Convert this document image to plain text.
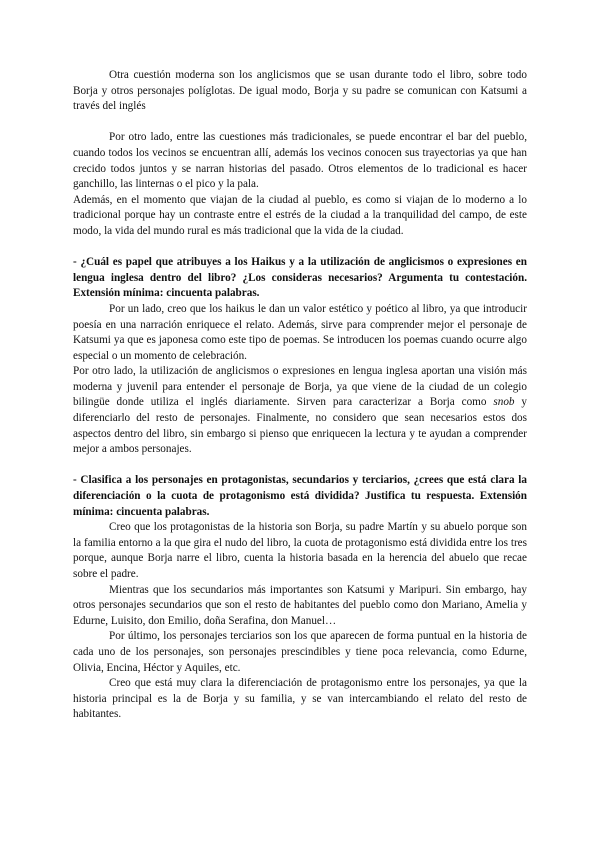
Otra cuestión moderna son los anglicismos que se usan durante todo el libro, sobre todo Borja y otros personajes políglotas. De igual modo, Borja y su padre se comunican con Katsumi a través del inglés

Por otro lado, entre las cuestiones más tradicionales, se puede encontrar el bar del pueblo, cuando todos los vecinos se encuentran allí, además los vecinos conocen sus trayectorias ya que han crecido todos juntos y se narran historias del pasado. Otros elementos de lo tradicional es hacer ganchillo, las linternas o el pico y la pala.

Además, en el momento que viajan de la ciudad al pueblo, es como si viajan de lo moderno a lo tradicional porque hay un contraste entre el estrés de la ciudad a la tranquilidad del campo, de este modo, la vida del mundo rural es más tradicional que la vida de la ciudad.

- ¿Cuál es papel que atribuyes a los Haikus y a la utilización de anglicismos o expresiones en lengua inglesa dentro del libro? ¿Los consideras necesarios? Argumenta tu contestación. Extensión mínima: cincuenta palabras.

Por un lado, creo que los haikus le dan un valor estético y poético al libro, ya que introducir poesía en una narración enriquece el relato. Además, sirve para comprender mejor el personaje de Katsumi ya que es japonesa como este tipo de poemas. Se introducen los poemas cuando ocurre algo especial o un momento de celebración.

Por otro lado, la utilización de anglicismos o expresiones en lengua inglesa aportan una visión más moderna y juvenil para entender el personaje de Borja, ya que viene de la ciudad de un colegio bilingüe donde utiliza el inglés diariamente. Sirven para caracterizar a Borja como snob y diferenciarlo del resto de personajes. Finalmente, no considero que sean necesarios estos dos aspectos dentro del libro, sin embargo si pienso que enriquecen la lectura y te ayudan a comprender mejor a ambos personajes.

- Clasifica a los personajes en protagonistas, secundarios y terciarios, ¿crees que está clara la diferenciación o la cuota de protagonismo está dividida? Justifica tu respuesta. Extensión mínima: cincuenta palabras.

Creo que los protagonistas de la historia son Borja, su padre Martín y su abuelo porque son la familia entorno a la que gira el nudo del libro, la cuota de protagonismo está dividida entre los tres porque, aunque Borja narre el libro, cuenta la historia basada en la herencia del abuelo que recae sobre el padre.

Mientras que los secundarios más importantes son Katsumi y Maripuri. Sin embargo, hay otros personajes secundarios que son el resto de habitantes del pueblo como don Mariano, Amelia y Edurne, Luisito, don Emilio, doña Serafina, don Manuel…

Por último, los personajes terciarios son los que aparecen de forma puntual en la historia de cada uno de los personajes, son personajes prescindibles y tiene poca relevancia, como Edurne, Olivia, Encina, Héctor y Aquiles, etc.

Creo que está muy clara la diferenciación de protagonismo entre los personajes, ya que la historia principal es la de Borja y su familia, y se van intercambiando el relato del resto de habitantes.
